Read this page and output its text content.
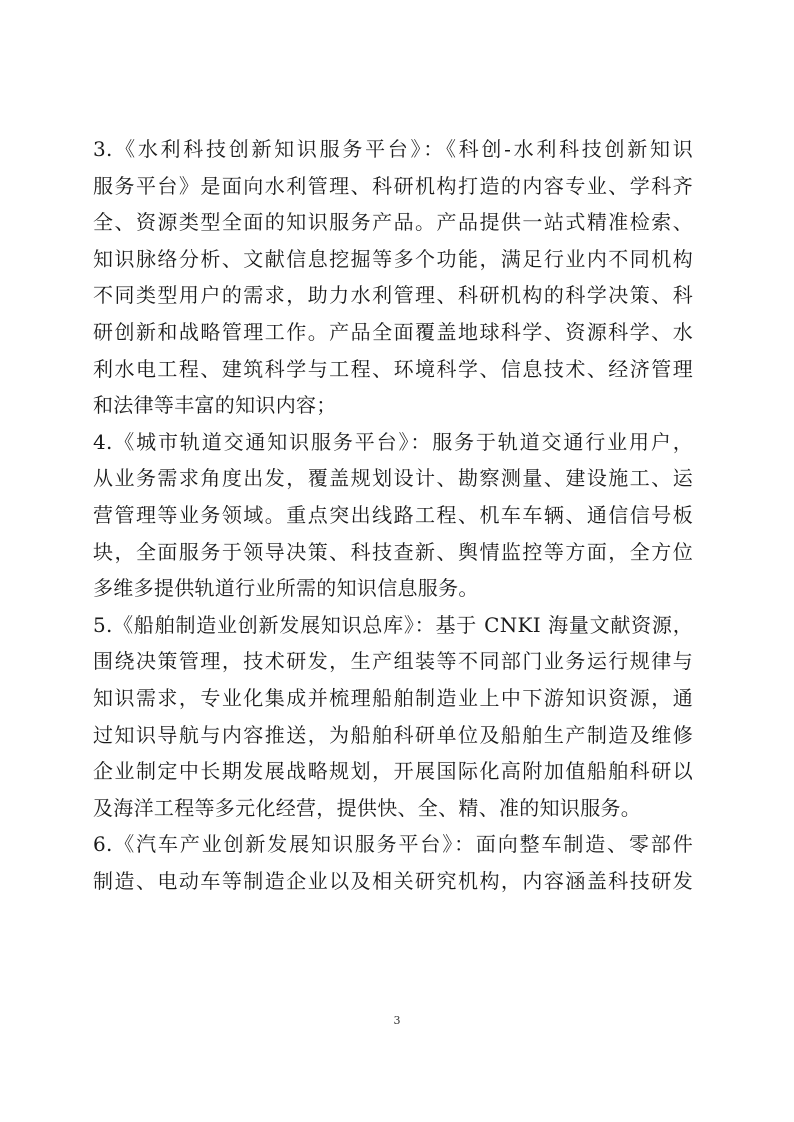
3.《水利科技创新知识服务平台》：《科创-水利科技创新知识
服务平台》是面向水利管理、科研机构打造的内容专业、学科齐
全、资源类型全面的知识服务产品。产品提供一站式精准检索、
知识脉络分析、文献信息挖掘等多个功能，满足行业内不同机构
不同类型用户的需求，助力水利管理、科研机构的科学决策、科
研创新和战略管理工作。产品全面覆盖地球科学、资源科学、水
利水电工程、建筑科学与工程、环境科学、信息技术、经济管理
和法律等丰富的知识内容；
4.《城市轨道交通知识服务平台》：服务于轨道交通行业用户，
从业务需求角度出发，覆盖规划设计、勘察测量、建设施工、运
营管理等业务领域。重点突出线路工程、机车车辆、通信信号板
块，全面服务于领导决策、科技查新、舆情监控等方面，全方位
多维多提供轨道行业所需的知识信息服务。
5.《船舶制造业创新发展知识总库》：基于 CNKI 海量文献资源，
围绕决策管理，技术研发，生产组装等不同部门业务运行规律与
知识需求，专业化集成并梳理船舶制造业上中下游知识资源，通
过知识导航与内容推送，为船舶科研单位及船舶生产制造及维修
企业制定中长期发展战略规划，开展国际化高附加值船舶科研以
及海洋工程等多元化经营，提供快、全、精、准的知识服务。
6.《汽车产业创新发展知识服务平台》：面向整车制造、零部件
制造、电动车等制造企业以及相关研究机构，内容涵盖科技研发
3
